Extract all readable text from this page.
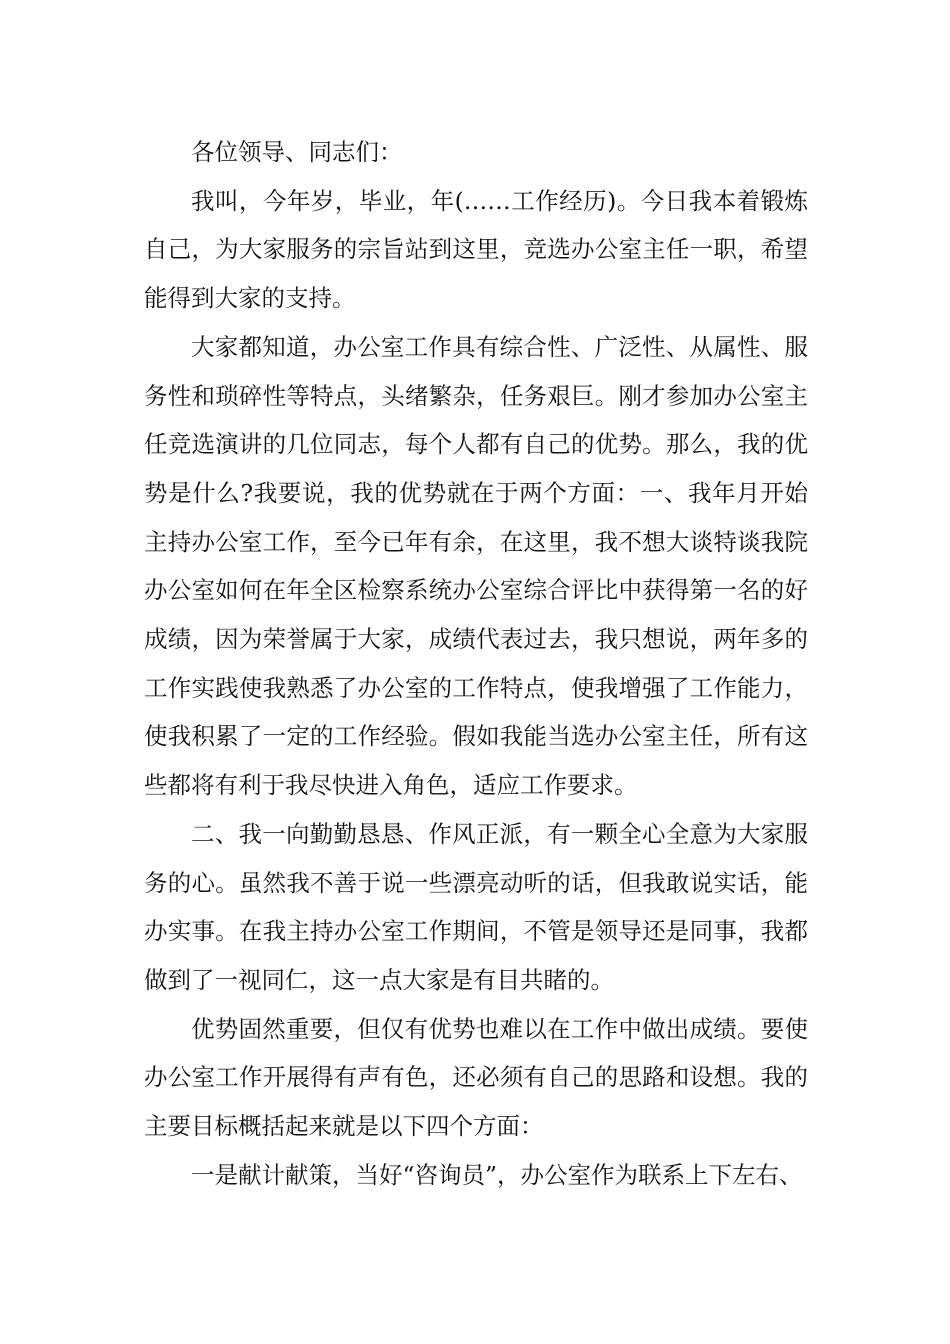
各位领导、同志们：

我叫，今年岁，毕业，年(……工作经历)。今日我本着锻炼自己，为大家服务的宗旨站到这里，竞选办公室主任一职，希望能得到大家的支持。

大家都知道，办公室工作具有综合性、广泛性、从属性、服务性和琐碎性等特点，头绪繁杂，任务艰巨。刚才参加办公室主任竞选演讲的几位同志，每个人都有自己的优势。那么，我的优势是什么?我要说，我的优势就在于两个方面：一、我年月开始主持办公室工作，至今已年有余，在这里，我不想大谈特谈我院办公室如何在年全区检察系统办公室综合评比中获得第一名的好成绩，因为荣誉属于大家，成绩代表过去，我只想说，两年多的工作实践使我熟悉了办公室的工作特点，使我增强了工作能力，使我积累了一定的工作经验。假如我能当选办公室主任，所有这些都将有利于我尽快进入角色，适应工作要求。

二、我一向勤勤恳恳、作风正派，有一颗全心全意为大家服务的心。虽然我不善于说一些漂亮动听的话，但我敢说实话，能办实事。在我主持办公室工作期间，不管是领导还是同事，我都做到了一视同仁，这一点大家是有目共睹的。

优势固然重要，但仅有优势也难以在工作中做出成绩。要使办公室工作开展得有声有色，还必须有自己的思路和设想。我的主要目标概括起来就是以下四个方面：

一是献计献策，当好“咨询员”，办公室作为联系上下左右、
